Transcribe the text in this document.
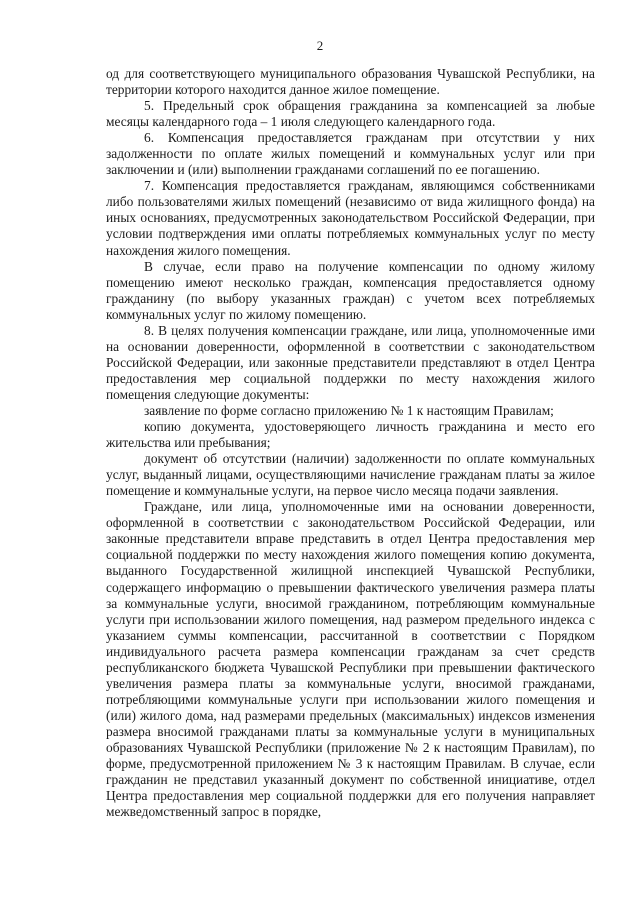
2

од для соответствующего муниципального образования Чувашской Республики, на территории которого находится данное жилое помещение.

5. Предельный срок обращения гражданина за компенсацией за любые месяцы календарного года – 1 июля следующего календарного года.

6. Компенсация предоставляется гражданам при отсутствии у них задолженности по оплате жилых помещений и коммунальных услуг или при заключении и (или) выполнении гражданами соглашений по ее погашению.

7. Компенсация предоставляется гражданам, являющимся собственниками либо пользователями жилых помещений (независимо от вида жилищного фонда) на иных основаниях, предусмотренных законодательством Российской Федерации, при условии подтверждения ими оплаты потребляемых коммунальных услуг по месту нахождения жилого помещения.

В случае, если право на получение компенсации по одному жилому помещению имеют несколько граждан, компенсация предоставляется одному гражданину (по выбору указанных граждан) с учетом всех потребляемых коммунальных услуг по жилому помещению.

8. В целях получения компенсации граждане, или лица, уполномоченные ими на основании доверенности, оформленной в соответствии с законодательством Российской Федерации, или законные представители представляют в отдел Центра предоставления мер социальной поддержки по месту нахождения жилого помещения следующие документы:

заявление по форме согласно приложению № 1 к настоящим Правилам;

копию документа, удостоверяющего личность гражданина и место его жительства или пребывания;

документ об отсутствии (наличии) задолженности по оплате коммунальных услуг, выданный лицами, осуществляющими начисление гражданам платы за жилое помещение и коммунальные услуги, на первое число месяца подачи заявления.

Граждане, или лица, уполномоченные ими на основании доверенности, оформленной в соответствии с законодательством Российской Федерации, или законные представители вправе представить в отдел Центра предоставления мер социальной поддержки по месту нахождения жилого помещения копию документа, выданного Государственной жилищной инспекцией Чувашской Республики, содержащего информацию о превышении фактического увеличения размера платы за коммунальные услуги, вносимой гражданином, потребляющим коммунальные услуги при использовании жилого помещения, над размером предельного индекса с указанием суммы компенсации, рассчитанной в соответствии с Порядком индивидуального расчета размера компенсации гражданам за счет средств республиканского бюджета Чувашской Республики при превышении фактического увеличения размера платы за коммунальные услуги, вносимой гражданами, потребляющими коммунальные услуги при использовании жилого помещения и (или) жилого дома, над размерами предельных (максимальных) индексов изменения размера вносимой гражданами платы за коммунальные услуги в муниципальных образованиях Чувашской Республики (приложение № 2 к настоящим Правилам), по форме, предусмотренной приложением № 3 к настоящим Правилам. В случае, если гражданин не представил указанный документ по собственной инициативе, отдел Центра предоставления мер социальной поддержки для его получения направляет межведомственный запрос в порядке,
